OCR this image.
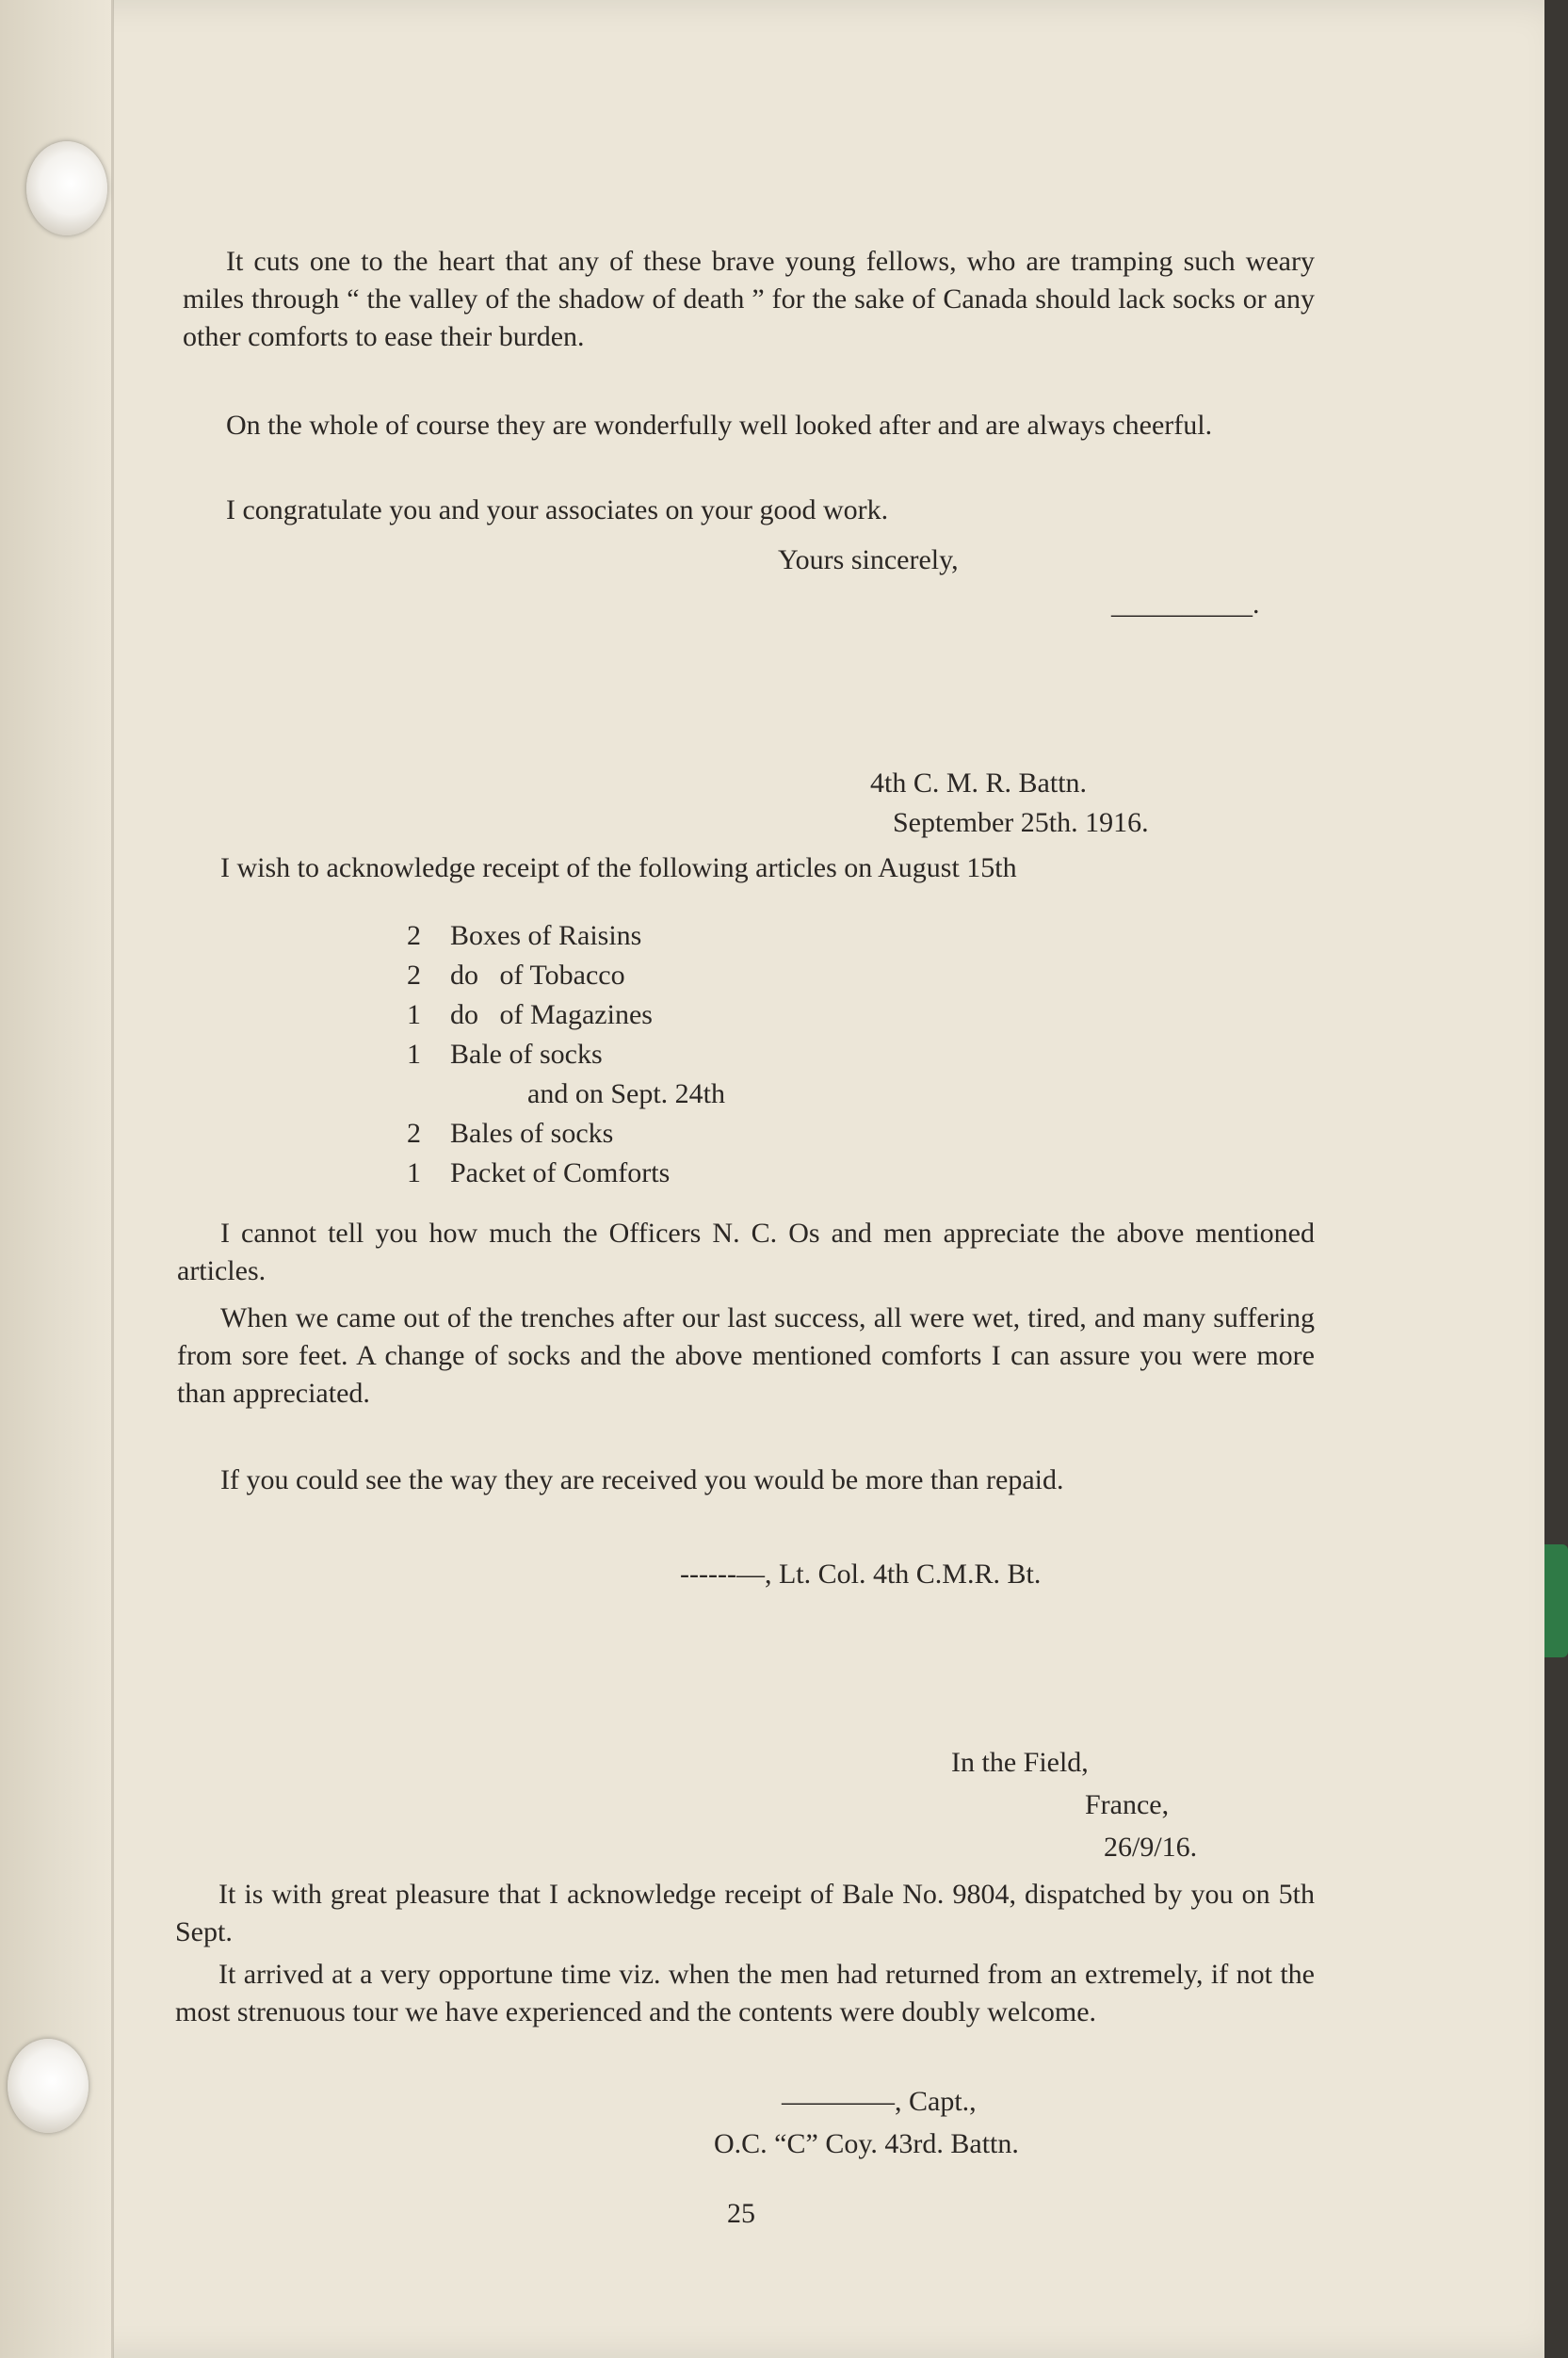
It cuts one to the heart that any of these brave young fellows, who are tramping such weary miles through “ the valley of the shadow of death ” for the sake of Canada should lack socks or any other comforts to ease their burden.
On the whole of course they are wonderfully well looked after and are always cheerful.
I congratulate you and your associates on your good work.
Yours sincerely,
__________.
4th C. M. R. Battn.
September 25th. 1916.
I wish to acknowledge receipt of the following articles on August 15th
2 Boxes of Raisins
2 do   of Tobacco
1 do   of Magazines
1 Bale of socks
and on Sept. 24th
2 Bales of socks
1 Packet of Comforts
I cannot tell you how much the Officers N. C. Os and men appreciate the above mentioned articles.
When we came out of the trenches after our last success, all were wet, tired, and many suffering from sore feet. A change of socks and the above mentioned comforts I can assure you were more than appreciated.
If you could see the way they are received you would be more than repaid.
------—, Lt. Col. 4th C.M.R. Bt.
In the Field,
France,
26/9/16.
It is with great pleasure that I acknowledge receipt of Bale No. 9804, dispatched by you on 5th Sept.
It arrived at a very opportune time viz. when the men had returned from an extremely, if not the most strenuous tour we have experienced and the contents were doubly welcome.
————, Capt.,
O.C. “C” Coy. 43rd. Battn.
25
